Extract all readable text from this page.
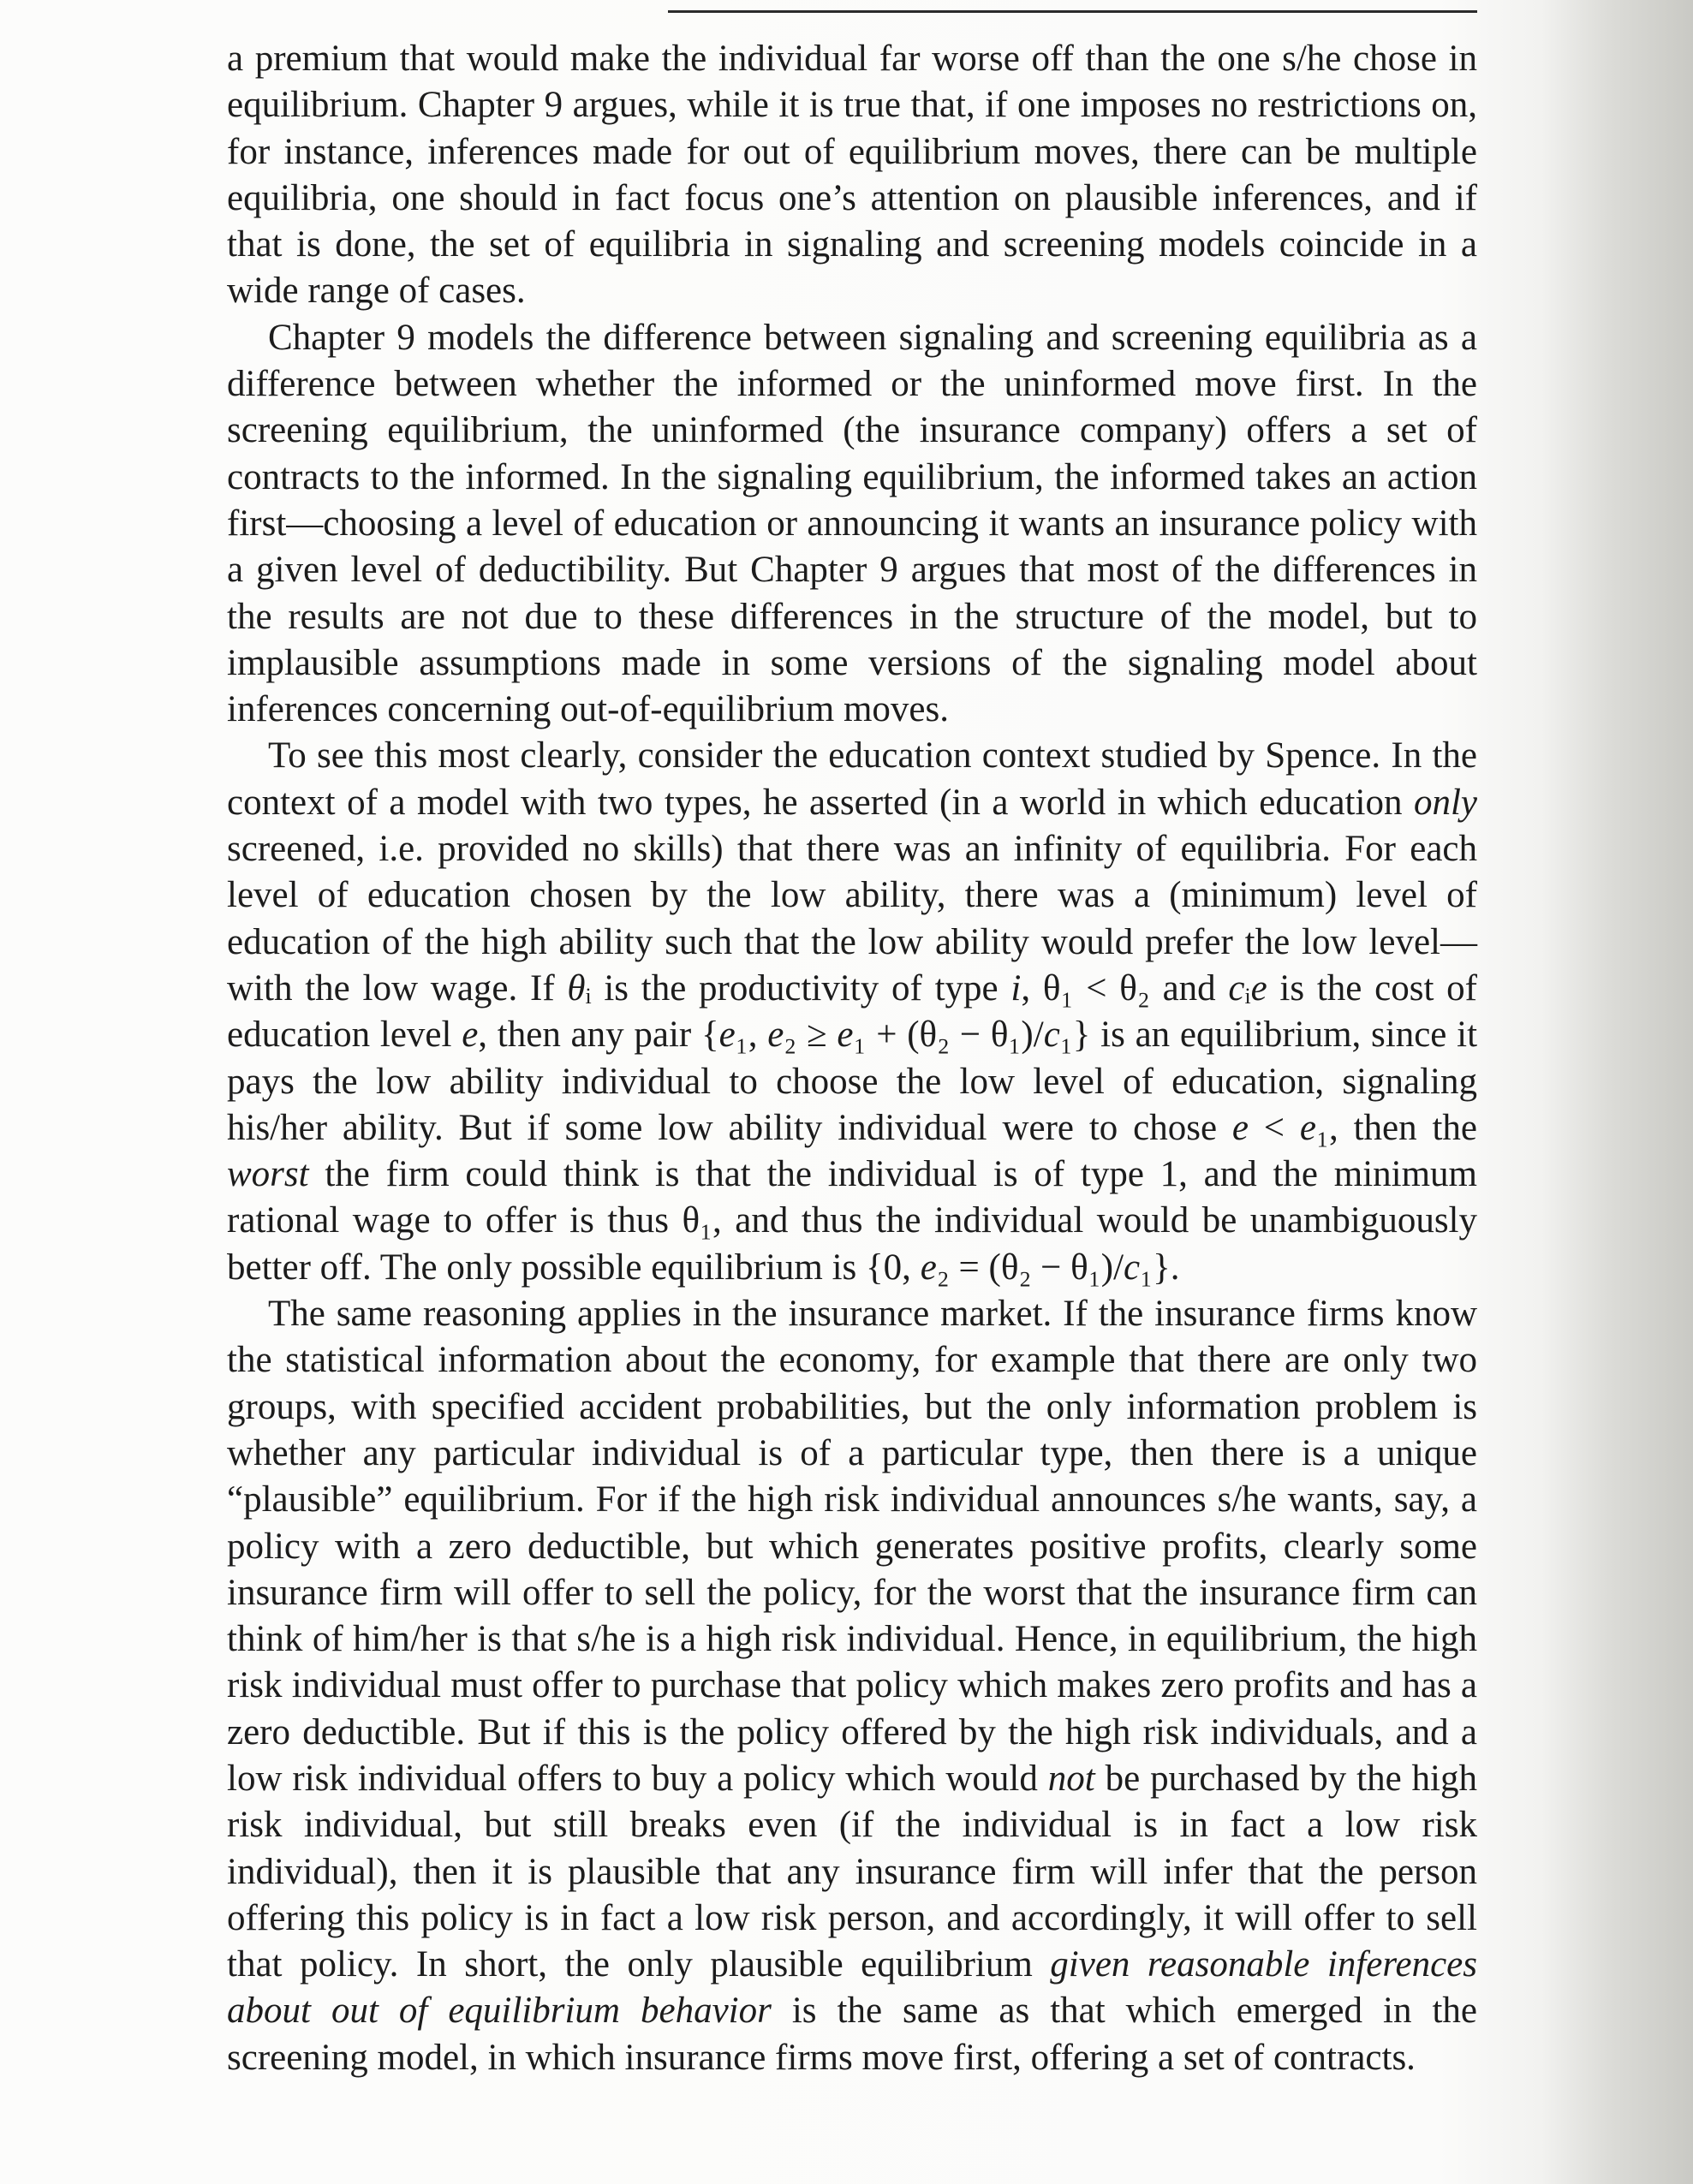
a premium that would make the individual far worse off than the one s/he chose in equilibrium. Chapter 9 argues, while it is true that, if one imposes no restrictions on, for instance, inferences made for out of equilibrium moves, there can be multiple equilibria, one should in fact focus one’s attention on plausible inferences, and if that is done, the set of equilibria in signaling and screening models coincide in a wide range of cases.

Chapter 9 models the difference between signaling and screening equilibria as a difference between whether the informed or the uninformed move first. In the screening equilibrium, the uninformed (the insurance company) offers a set of contracts to the informed. In the signaling equilibrium, the informed takes an action first—choosing a level of education or announcing it wants an insurance policy with a given level of deductibility. But Chapter 9 argues that most of the differences in the results are not due to these differences in the structure of the model, but to implausible assumptions made in some versions of the signaling model about inferences concerning out-of-equilibrium moves.

To see this most clearly, consider the education context studied by Spence. In the context of a model with two types, he asserted (in a world in which education only screened, i.e. provided no skills) that there was an infinity of equilibria. For each level of education chosen by the low ability, there was a (minimum) level of education of the high ability such that the low ability would prefer the low level—with the low wage. If θᵢ is the productivity of type i, θ₁ < θ₂ and cᵢe is the cost of education level e, then any pair {e₁, e₂ ≥ e₁ + (θ₂ − θ₁)/c₁} is an equilibrium, since it pays the low ability individual to choose the low level of education, signaling his/her ability. But if some low ability individual were to chose e < e₁, then the worst the firm could think is that the individual is of type 1, and the minimum rational wage to offer is thus θ₁, and thus the individual would be unambiguously better off. The only possible equilibrium is {0, e₂ = (θ₂ − θ₁)/c₁}.

The same reasoning applies in the insurance market. If the insurance firms know the statistical information about the economy, for example that there are only two groups, with specified accident probabilities, but the only information problem is whether any particular individual is of a particular type, then there is a unique “plausible” equilibrium. For if the high risk individual announces s/he wants, say, a policy with a zero deductible, but which generates positive profits, clearly some insurance firm will offer to sell the policy, for the worst that the insurance firm can think of him/her is that s/he is a high risk individual. Hence, in equilibrium, the high risk individual must offer to purchase that policy which makes zero profits and has a zero deductible. But if this is the policy offered by the high risk individuals, and a low risk individual offers to buy a policy which would not be purchased by the high risk individual, but still breaks even (if the individual is in fact a low risk individual), then it is plausible that any insurance firm will infer that the person offering this policy is in fact a low risk person, and accordingly, it will offer to sell that policy. In short, the only plausible equilibrium given reasonable inferences about out of equilibrium behavior is the same as that which emerged in the screening model, in which insurance firms move first, offering a set of contracts.
